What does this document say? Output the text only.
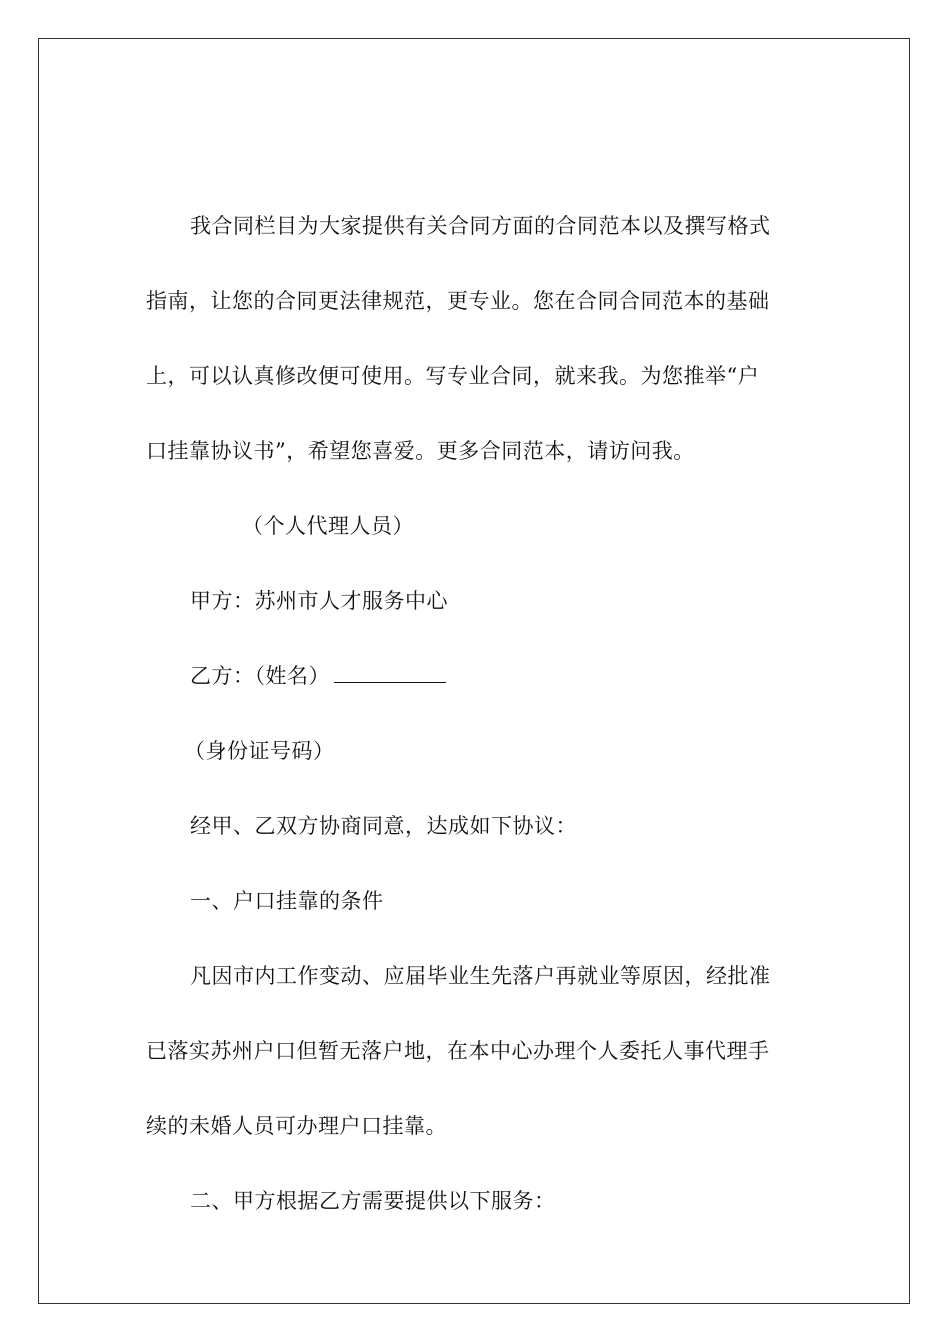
我合同栏目为大家提供有关合同方面的合同范本以及撰写格式
指南，让您的合同更法律规范，更专业。您在合同合同范本的基础
上，可以认真修改便可使用。写专业合同，就来我。为您推举“户
口挂靠协议书”，希望您喜爱。更多合同范本，请访问我。
（个人代理人员）
甲方：苏州市人才服务中心
乙方：（姓名）
（身份证号码）
经甲、乙双方协商同意，达成如下协议：
一、户口挂靠的条件
凡因市内工作变动、应届毕业生先落户再就业等原因，经批准
已落实苏州户口但暂无落户地，在本中心办理个人委托人事代理手
续的未婚人员可办理户口挂靠。
二、甲方根据乙方需要提供以下服务：
